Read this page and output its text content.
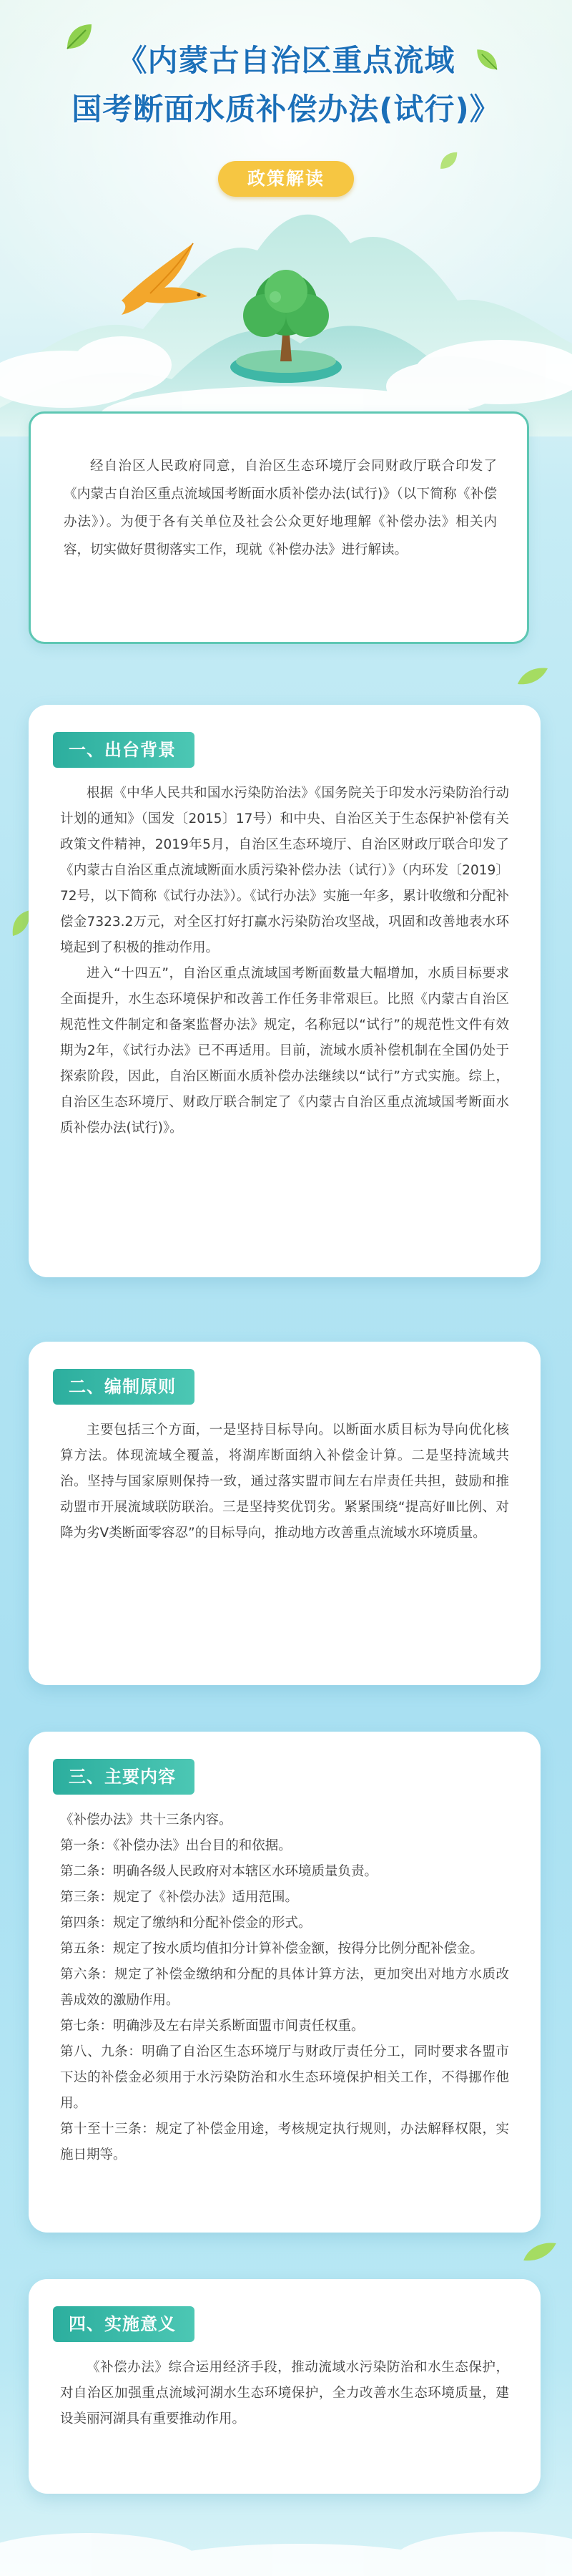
《内蒙古自治区重点流域
国考断面水质补偿办法(试行)》
政策解读
经自治区人民政府同意，自治区生态环境厅会同财政厅联合印发了《内蒙古自治区重点流域国考断面水质补偿办法(试行)》（以下简称《补偿办法》）。为便于各有关单位及社会公众更好地理解《补偿办法》相关内容，切实做好贯彻落实工作，现就《补偿办法》进行解读。
一、出台背景

根据《中华人民共和国水污染防治法》《国务院关于印发水污染防治行动计划的通知》（国发〔2015〕17号）和中央、自治区关于生态保护补偿有关政策文件精神，2019年5月，自治区生态环境厅、自治区财政厅联合印发了《内蒙古自治区重点流域断面水质污染补偿办法（试行）》（内环发〔2019〕72号，以下简称《试行办法》）。《试行办法》实施一年多，累计收缴和分配补偿金7323.2万元，对全区打好打赢水污染防治攻坚战，巩固和改善地表水环境起到了积极的推动作用。

进入“十四五”，自治区重点流域国考断面数量大幅增加，水质目标要求全面提升，水生态环境保护和改善工作任务非常艰巨。比照《内蒙古自治区规范性文件制定和备案监督办法》规定，名称冠以“试行”的规范性文件有效期为2年，《试行办法》已不再适用。目前，流域水质补偿机制在全国仍处于探索阶段，因此，自治区断面水质补偿办法继续以“试行”方式实施。综上，自治区生态环境厅、财政厅联合制定了《内蒙古自治区重点流域国考断面水质补偿办法(试行)》。

二、编制原则

主要包括三个方面，一是坚持目标导向。以断面水质目标为导向优化核算方法。体现流域全覆盖，将湖库断面纳入补偿金计算。二是坚持流域共治。坚持与国家原则保持一致，通过落实盟市间左右岸责任共担，鼓励和推动盟市开展流域联防联治。三是坚持奖优罚劣。紧紧围绕“提高好Ⅲ比例、对降为劣Ⅴ类断面零容忍”的目标导向，推动地方改善重点流域水环境质量。

三、主要内容

《补偿办法》共十三条内容。

第一条：《补偿办法》出台目的和依据。

第二条：明确各级人民政府对本辖区水环境质量负责。

第三条：规定了《补偿办法》适用范围。

第四条：规定了缴纳和分配补偿金的形式。

第五条：规定了按水质均值扣分计算补偿金额，按得分比例分配补偿金。

第六条：规定了补偿金缴纳和分配的具体计算方法，更加突出对地方水质改善成效的激励作用。

第七条：明确涉及左右岸关系断面盟市间责任权重。

第八、九条：明确了自治区生态环境厅与财政厅责任分工，同时要求各盟市下达的补偿金必须用于水污染防治和水生态环境保护相关工作，不得挪作他用。

第十至十三条：规定了补偿金用途，考核规定执行规则，办法解释权限，实施日期等。

四、实施意义

《补偿办法》综合运用经济手段，推动流域水污染防治和水生态保护，对自治区加强重点流域河湖水生态环境保护，全力改善水生态环境质量，建设美丽河湖具有重要推动作用。
